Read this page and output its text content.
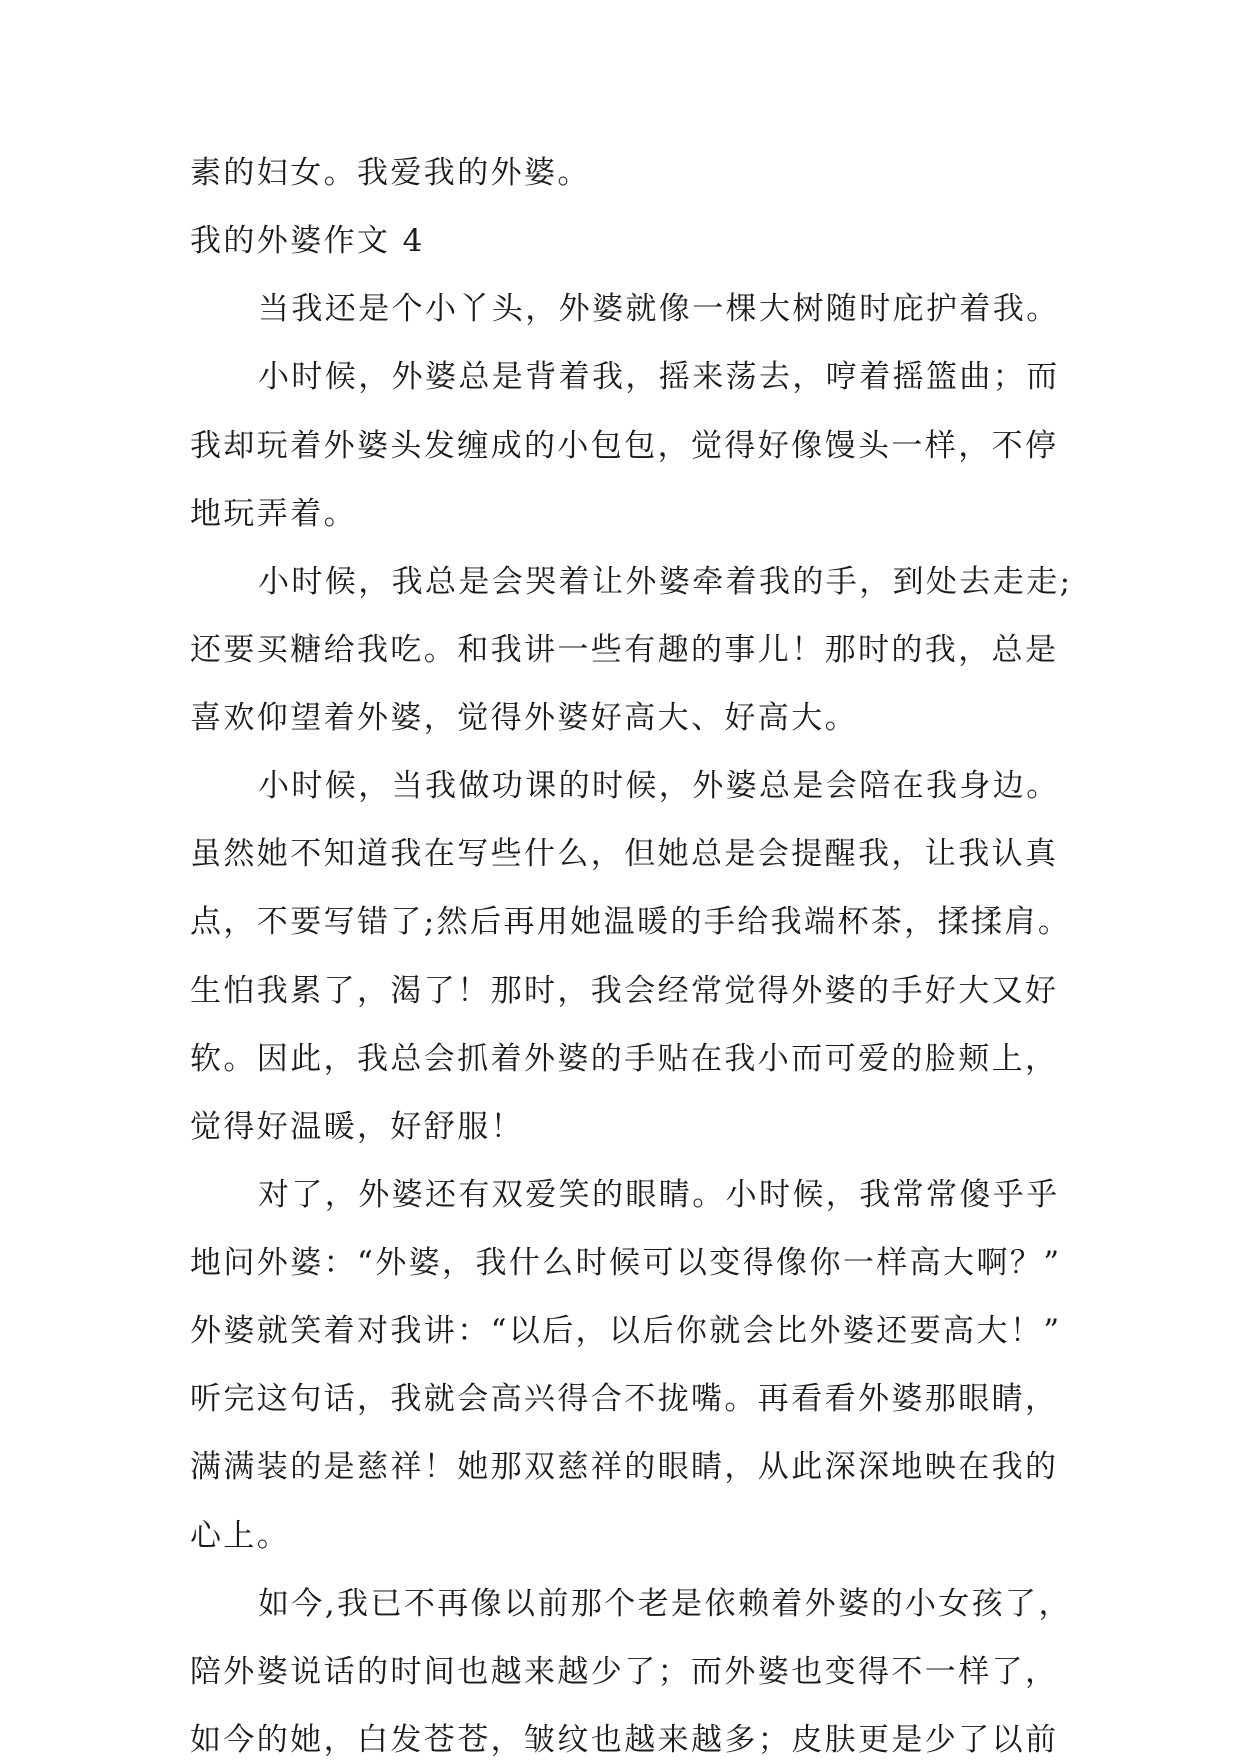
素的妇女。我爱我的外婆。
我的外婆作文 4
当我还是个小丫头，外婆就像一棵大树随时庇护着我。
小时候，外婆总是背着我，摇来荡去，哼着摇篮曲；而
我却玩着外婆头发缠成的小包包，觉得好像馒头一样，不停
地玩弄着。
小时候，我总是会哭着让外婆牵着我的手，到处去走走;
还要买糖给我吃。和我讲一些有趣的事儿！那时的我，总是
喜欢仰望着外婆，觉得外婆好高大、好高大。
小时候，当我做功课的时候，外婆总是会陪在我身边。
虽然她不知道我在写些什么，但她总是会提醒我，让我认真
点，不要写错了;然后再用她温暖的手给我端杯茶，揉揉肩。
生怕我累了，渴了！那时，我会经常觉得外婆的手好大又好
软。因此，我总会抓着外婆的手贴在我小而可爱的脸颊上，
觉得好温暖，好舒服！
对了，外婆还有双爱笑的眼睛。小时候，我常常傻乎乎
地问外婆：“外婆，我什么时候可以变得像你一样高大啊？”
外婆就笑着对我讲：“以后，以后你就会比外婆还要高大！”
听完这句话，我就会高兴得合不拢嘴。再看看外婆那眼睛，
满满装的是慈祥！她那双慈祥的眼睛，从此深深地映在我的
心上。
如今,我已不再像以前那个老是依赖着外婆的小女孩了，
陪外婆说话的时间也越来越少了；而外婆也变得不一样了，
如今的她，白发苍苍，皱纹也越来越多；皮肤更是少了以前
